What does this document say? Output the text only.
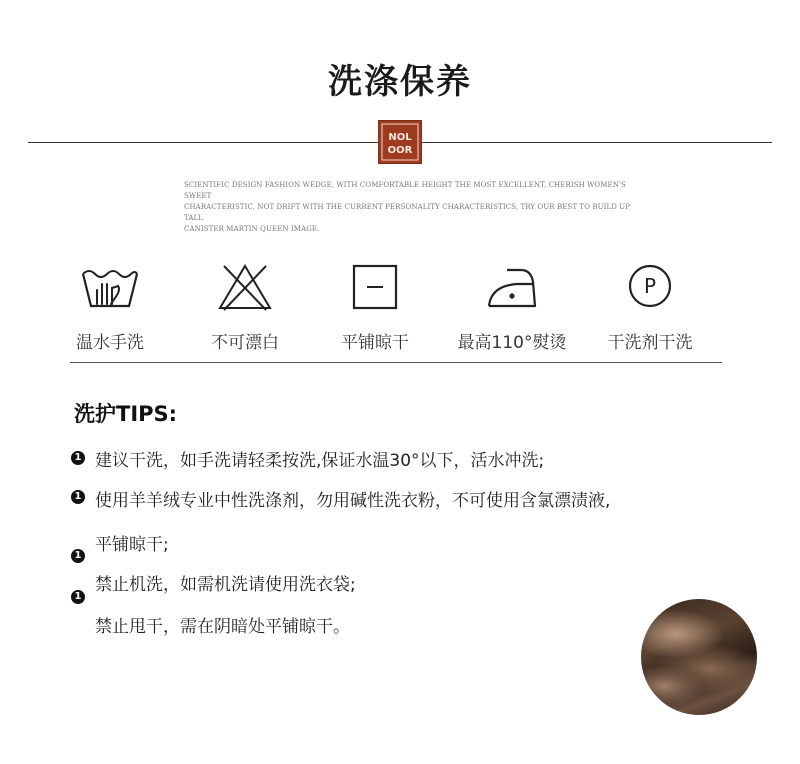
洗涤保养
NOL
OOR
SCIENTIFIC DESIGN FASHION WEDGE, WITH COMFORTABLE HEIGHT THE MOST EXCELLENT, CHERISH WOMEN'S SWEET
CHARACTERISTIC, NOT DRIFT WITH THE CURRENT PERSONALITY CHARACTERISTICS, TRY OUR BEST TO BUILD UP TALL
CANISTER MARTIN QUEEN IMAGE.
温水手洗	不可漂白	平铺晾干	最高110°熨烫
P
干洗剂干洗
洗护TIPS:
1 建议干洗，如手洗请轻柔按洗,保证水温30°以下，活水冲洗;
1 使用羊羊绒专业中性洗涤剂，勿用碱性洗衣粉，不可使用含氯漂渍液,
平铺晾干;
1
禁止机洗，如需机洗请使用洗衣袋;
1
禁止甩干，需在阴暗处平铺晾干。
